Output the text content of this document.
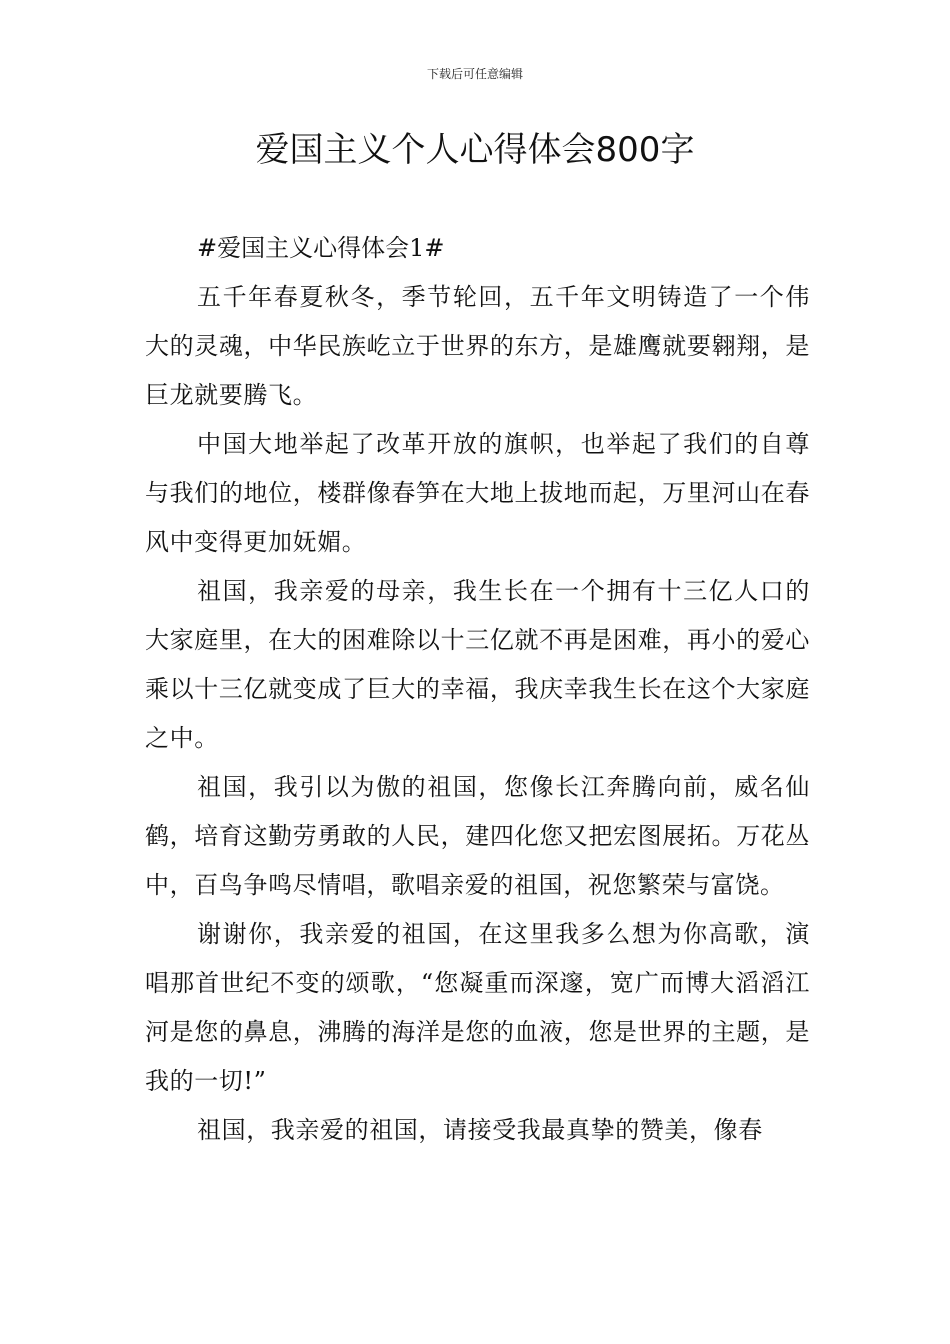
下载后可任意编辑
爱国主义个人心得体会800字

#爱国主义心得体会1#

五千年春夏秋冬，季节轮回，五千年文明铸造了一个伟大的灵魂，中华民族屹立于世界的东方，是雄鹰就要翱翔，是巨龙就要腾飞。

中国大地举起了改革开放的旗帜，也举起了我们的自尊与我们的地位，楼群像春笋在大地上拔地而起，万里河山在春风中变得更加妩媚。

祖国，我亲爱的母亲，我生长在一个拥有十三亿人口的大家庭里，在大的困难除以十三亿就不再是困难，再小的爱心乘以十三亿就变成了巨大的幸福，我庆幸我生长在这个大家庭之中。

祖国，我引以为傲的祖国，您像长江奔腾向前，威名仙鹤，培育这勤劳勇敢的人民，建四化您又把宏图展拓。万花丛中，百鸟争鸣尽情唱，歌唱亲爱的祖国，祝您繁荣与富饶。

谢谢你，我亲爱的祖国，在这里我多么想为你高歌，演唱那首世纪不变的颂歌，“您凝重而深邃，宽广而博大滔滔江河是您的鼻息，沸腾的海洋是您的血液，您是世界的主题，是我的一切!”

祖国，我亲爱的祖国，请接受我最真挚的赞美，像春
